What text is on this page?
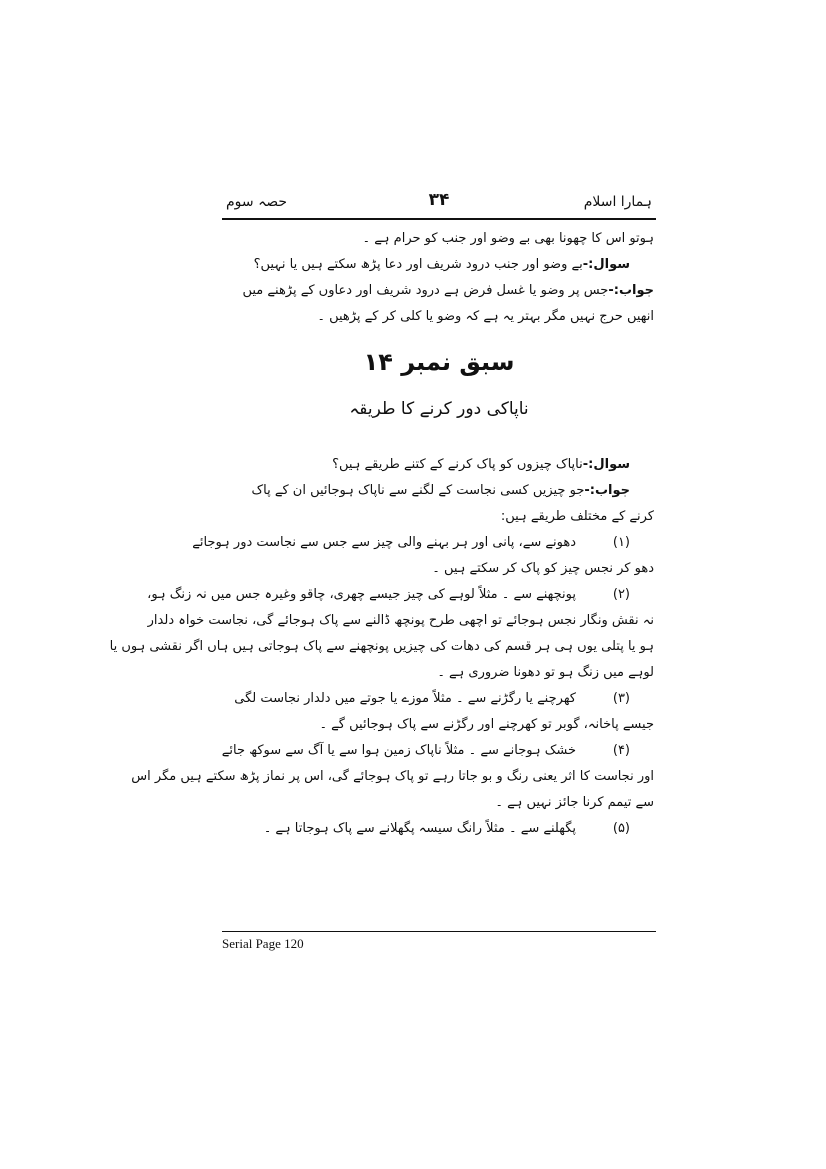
ہمارا اسلام
۳۴
حصہ سوم
ہوتو اس کا چھونا بھی بے وضو اور جنب کو حرام ہے ۔
سوال:-بے وضو اور جنب درود شریف اور دعا پڑھ سکتے ہیں یا نہیں؟
جواب:-جس پر وضو یا غسل فرض ہے درود شریف اور دعاوں کے پڑھنے میں
انھیں حرج نہیں مگر بہتر یہ ہے کہ وضو یا کلی کر کے پڑھیں ۔
سبق نمبر ۱۴
ناپاکی دور کرنے کا طریقہ
سوال:-ناپاک چیزوں کو پاک کرنے کے کتنے طریقے ہیں؟
جواب:-جو چیزیں کسی نجاست کے لگنے سے ناپاک ہوجائیں ان کے پاک
کرنے کے مختلف طریقے ہیں:
(۱)دھونے سے، پانی اور ہر بہنے والی چیز سے جس سے نجاست دور ہوجائے
دھو کر نجس چیز کو پاک کر سکتے ہیں ۔
(۲)پونچھنے سے ۔ مثلاً لوہے کی چیز جیسے چھری، چاقو وغیرہ جس میں نہ زنگ ہو،
نہ نقش ونگار نجس ہوجائے تو اچھی طرح پونچھ ڈالنے سے پاک ہوجائے گی، نجاست خواہ دلدار
ہو یا پتلی یوں ہی ہر قسم کی دھات کی چیزیں پونچھنے سے پاک ہوجاتی ہیں ہاں اگر نقشی ہوں یا
لوہے میں زنگ ہو تو دھونا ضروری ہے ۔
(۳)کھرچنے یا رگڑنے سے ۔ مثلاً موزے یا جوتے میں دلدار نجاست لگی
جیسے پاخانہ، گوبر تو کھرچنے اور رگڑنے سے پاک ہوجائیں گے ۔
(۴)خشک ہوجانے سے ۔ مثلاً ناپاک زمین ہوا سے یا آگ سے سوکھ جائے
اور نجاست کا اثر یعنی رنگ و بو جاتا رہے تو پاک ہوجائے گی، اس پر نماز پڑھ سکتے ہیں مگر اس
سے تیمم کرنا جائز نہیں ہے ۔
(۵)پگھلنے سے ۔ مثلاً رانگ سیسہ پگھلانے سے پاک ہوجاتا ہے ۔
Serial Page 120
